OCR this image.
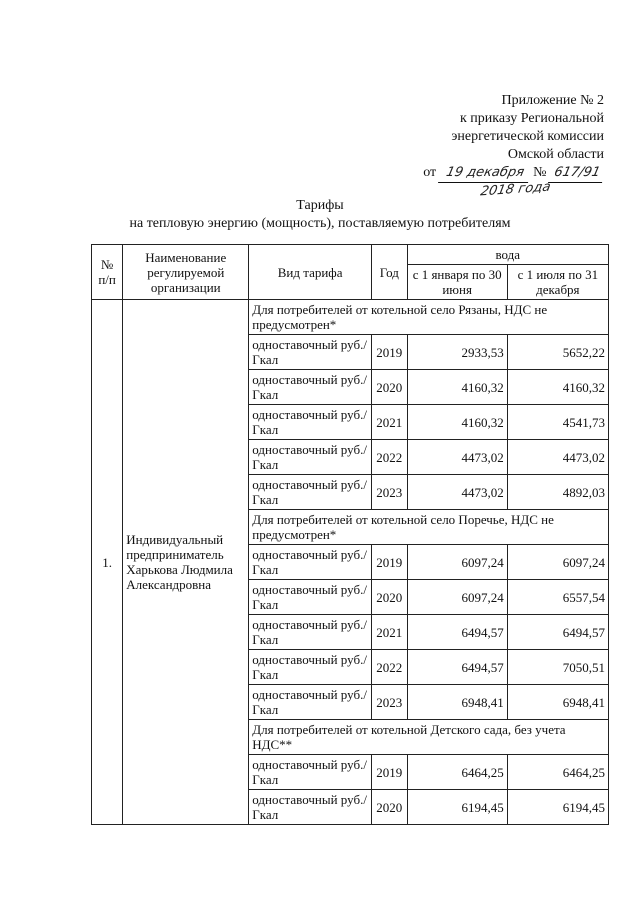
Приложение № 2
к приказу Региональной
энергетической комиссии
Омской области
от 19 декабря № 617/91
2018 года
Тарифы
на тепловую энергию (мощность), поставляемую потребителям
№ п/п	Наименование регулируемой организации	Вид тарифа	Год	вода	
				с 1 января по 30 июня	с 1 июля по 31 декабря
1.	Индивидуальный предприниматель Харькова Людмила Александровна	Для потребителей от котельной село Рязаны, НДС не предусмотрен*			
		одноставочный руб./Гкал	2019	2933,53	5652,22
		одноставочный руб./Гкал	2020	4160,32	4160,32
		одноставочный руб./Гкал	2021	4160,32	4541,73
		одноставочный руб./Гкал	2022	4473,02	4473,02
		одноставочный руб./Гкал	2023	4473,02	4892,03
		Для потребителей от котельной село Поречье, НДС не предусмотрен*			
		одноставочный руб./Гкал	2019	6097,24	6097,24
		одноставочный руб./Гкал	2020	6097,24	6557,54
		одноставочный руб./Гкал	2021	6494,57	6494,57
		одноставочный руб./Гкал	2022	6494,57	7050,51
		одноставочный руб./Гкал	2023	6948,41	6948,41
		Для потребителей от котельной Детского сада, без учета НДС**			
		одноставочный руб./Гкал	2019	6464,25	6464,25
		одноставочный руб./Гкал	2020	6194,45	6194,45
